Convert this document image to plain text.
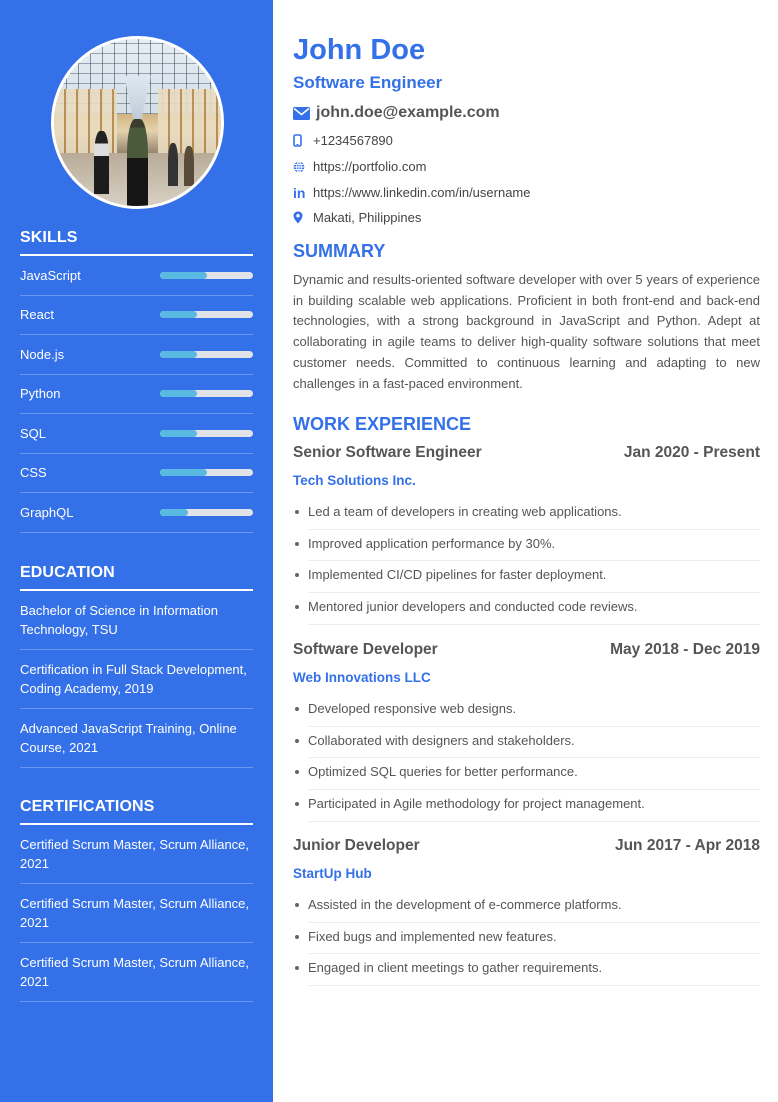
SKILLS
JavaScript
React
Node.js
Python
SQL
CSS
GraphQL
EDUCATION
Bachelor of Science in Information Technology, TSU
Certification in Full Stack Development, Coding Academy, 2019
Advanced JavaScript Training, Online Course, 2021
CERTIFICATIONS
Certified Scrum Master, Scrum Alliance, 2021
Certified Scrum Master, Scrum Alliance, 2021
Certified Scrum Master, Scrum Alliance, 2021
John Doe
Software Engineer
john.doe@example.com
+1234567890
https://portfolio.com
in https://www.linkedin.com/in/username
Makati, Philippines
SUMMARY

Dynamic and results-oriented software developer with over 5 years of experience in building scalable web applications. Proficient in both front-end and back-end technologies, with a strong background in JavaScript and Python. Adept at collaborating in agile teams to deliver high-quality software solutions that meet customer needs. Committed to continuous learning and adapting to new challenges in a fast-paced environment.

WORK EXPERIENCE
Senior Software Engineer	Jan 2020 - Present
Tech Solutions Inc.
Led a team of developers in creating web applications.
Improved application performance by 30%.
Implemented CI/CD pipelines for faster deployment.
Mentored junior developers and conducted code reviews.
Software Developer	May 2018 - Dec 2019
Web Innovations LLC
Developed responsive web designs.
Collaborated with designers and stakeholders.
Optimized SQL queries for better performance.
Participated in Agile methodology for project management.
Junior Developer	Jun 2017 - Apr 2018
StartUp Hub
Assisted in the development of e-commerce platforms.
Fixed bugs and implemented new features.
Engaged in client meetings to gather requirements.
